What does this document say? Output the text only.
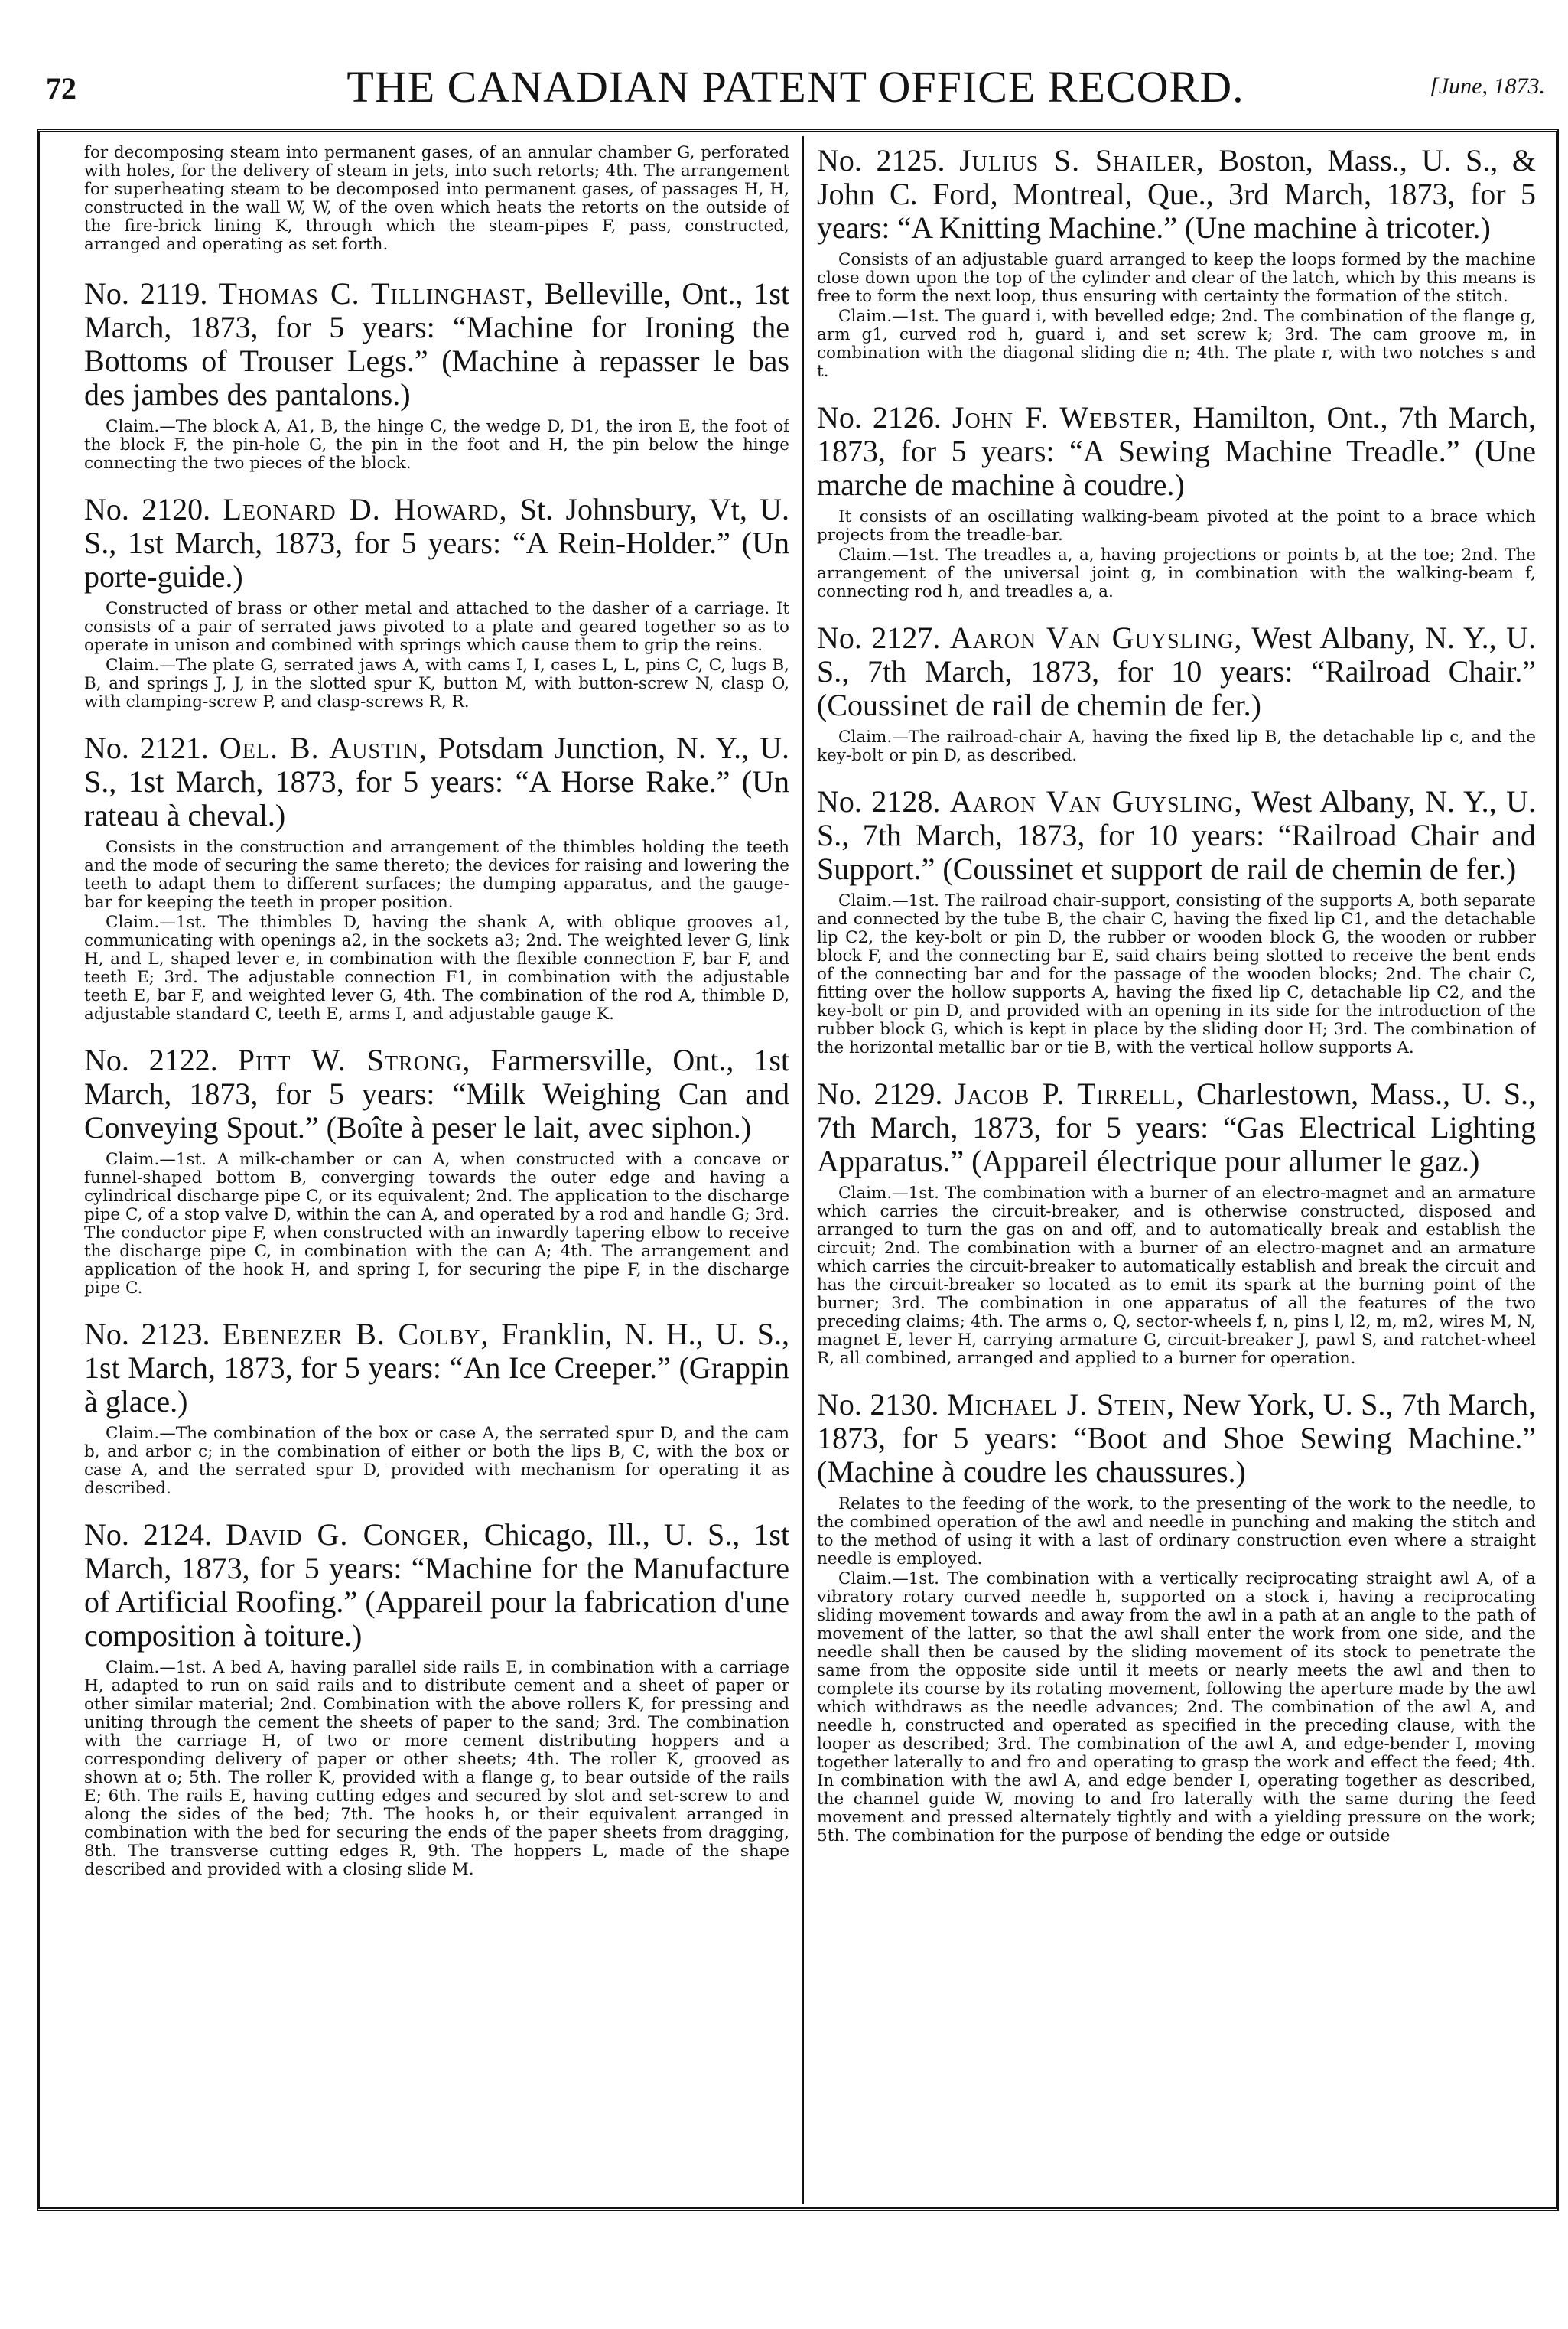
72	THE CANADIAN PATENT OFFICE RECORD.	[June, 1873.

for decomposing steam into permanent gases, of an annular chamber G, perforated with holes, for the delivery of steam in jets, into such retorts; 4th. The arrangement for superheating steam to be decomposed into permanent gases, of passages H, H, constructed in the wall W, W, of the oven which heats the retorts on the outside of the fire-brick lining K, through which the steam-pipes F, pass, constructed, arranged and operating as set forth.

No. 2119. Thomas C. Tillinghast, Belleville, Ont., 1st March, 1873, for 5 years: “Machine for Ironing the Bottoms of Trouser Legs.” (Machine à repasser le bas des jambes des pantalons.)

Claim.—The block A, A1, B, the hinge C, the wedge D, D1, the iron E, the foot of the block F, the pin-hole G, the pin in the foot and H, the pin below the hinge connecting the two pieces of the block.

No. 2120. Leonard D. Howard, St. Johnsbury, Vt, U. S., 1st March, 1873, for 5 years: “A Rein-Holder.” (Un porte-guide.)

Constructed of brass or other metal and attached to the dasher of a carriage. It consists of a pair of serrated jaws pivoted to a plate and geared together so as to operate in unison and combined with springs which cause them to grip the reins.

Claim.—The plate G, serrated jaws A, with cams I, I, cases L, L, pins C, C, lugs B, B, and springs J, J, in the slotted spur K, button M, with button-screw N, clasp O, with clamping-screw P, and clasp-screws R, R.

No. 2121. Oel. B. Austin, Potsdam Junction, N. Y., U. S., 1st March, 1873, for 5 years: “A Horse Rake.” (Un rateau à cheval.)

Consists in the construction and arrangement of the thimbles holding the teeth and the mode of securing the same thereto; the devices for raising and lowering the teeth to adapt them to different surfaces; the dumping apparatus, and the gauge-bar for keeping the teeth in proper position.

Claim.—1st. The thimbles D, having the shank A, with oblique grooves a1, communicating with openings a2, in the sockets a3; 2nd. The weighted lever G, link H, and L, shaped lever e, in combination with the flexible connection F, bar F, and teeth E; 3rd. The adjustable connection F1, in combination with the adjustable teeth E, bar F, and weighted lever G, 4th. The combination of the rod A, thimble D, adjustable standard C, teeth E, arms I, and adjustable gauge K.

No. 2122. Pitt W. Strong, Farmersville, Ont., 1st March, 1873, for 5 years: “Milk Weighing Can and Conveying Spout.” (Boîte à peser le lait, avec siphon.)

Claim.—1st. A milk-chamber or can A, when constructed with a concave or funnel-shaped bottom B, converging towards the outer edge and having a cylindrical discharge pipe C, or its equivalent; 2nd. The application to the discharge pipe C, of a stop valve D, within the can A, and operated by a rod and handle G; 3rd. The conductor pipe F, when constructed with an inwardly tapering elbow to receive the discharge pipe C, in combination with the can A; 4th. The arrangement and application of the hook H, and spring I, for securing the pipe F, in the discharge pipe C.

No. 2123. Ebenezer B. Colby, Franklin, N. H., U. S., 1st March, 1873, for 5 years: “An Ice Creeper.” (Grappin à glace.)

Claim.—The combination of the box or case A, the serrated spur D, and the cam b, and arbor c; in the combination of either or both the lips B, C, with the box or case A, and the serrated spur D, provided with mechanism for operating it as described.

No. 2124. David G. Conger, Chicago, Ill., U. S., 1st March, 1873, for 5 years: “Machine for the Manufacture of Artificial Roofing.” (Appareil pour la fabrication d'une composition à toiture.)

Claim.—1st. A bed A, having parallel side rails E, in combination with a carriage H, adapted to run on said rails and to distribute cement and a sheet of paper or other similar material; 2nd. Combination with the above rollers K, for pressing and uniting through the cement the sheets of paper to the sand; 3rd. The combination with the carriage H, of two or more cement distributing hoppers and a corresponding delivery of paper or other sheets; 4th. The roller K, grooved as shown at o; 5th. The roller K, provided with a flange g, to bear outside of the rails E; 6th. The rails E, having cutting edges and secured by slot and set-screw to and along the sides of the bed; 7th. The hooks h, or their equivalent arranged in combination with the bed for securing the ends of the paper sheets from dragging, 8th. The transverse cutting edges R, 9th. The hoppers L, made of the shape described and provided with a closing slide M.

No. 2125. Julius S. Shailer, Boston, Mass., U. S., & John C. Ford, Montreal, Que., 3rd March, 1873, for 5 years: “A Knitting Machine.” (Une machine à tricoter.)

Consists of an adjustable guard arranged to keep the loops formed by the machine close down upon the top of the cylinder and clear of the latch, which by this means is free to form the next loop, thus ensuring with certainty the formation of the stitch.

Claim.—1st. The guard i, with bevelled edge; 2nd. The combination of the flange g, arm g1, curved rod h, guard i, and set screw k; 3rd. The cam groove m, in combination with the diagonal sliding die n; 4th. The plate r, with two notches s and t.

No. 2126. John F. Webster, Hamilton, Ont., 7th March, 1873, for 5 years: “A Sewing Machine Treadle.” (Une marche de machine à coudre.)

It consists of an oscillating walking-beam pivoted at the point to a brace which projects from the treadle-bar.

Claim.—1st. The treadles a, a, having projections or points b, at the toe; 2nd. The arrangement of the universal joint g, in combination with the walking-beam f, connecting rod h, and treadles a, a.

No. 2127. Aaron Van Guysling, West Albany, N. Y., U. S., 7th March, 1873, for 10 years: “Railroad Chair.” (Coussinet de rail de chemin de fer.)

Claim.—The railroad-chair A, having the fixed lip B, the detachable lip c, and the key-bolt or pin D, as described.

No. 2128. Aaron Van Guysling, West Albany, N. Y., U. S., 7th March, 1873, for 10 years: “Railroad Chair and Support.” (Coussinet et support de rail de chemin de fer.)

Claim.—1st. The railroad chair-support, consisting of the supports A, both separate and connected by the tube B, the chair C, having the fixed lip C1, and the detachable lip C2, the key-bolt or pin D, the rubber or wooden block G, the wooden or rubber block F, and the connecting bar E, said chairs being slotted to receive the bent ends of the connecting bar and for the passage of the wooden blocks; 2nd. The chair C, fitting over the hollow supports A, having the fixed lip C, detachable lip C2, and the key-bolt or pin D, and provided with an opening in its side for the introduction of the rubber block G, which is kept in place by the sliding door H; 3rd. The combination of the horizontal metallic bar or tie B, with the vertical hollow supports A.

No. 2129. Jacob P. Tirrell, Charlestown, Mass., U. S., 7th March, 1873, for 5 years: “Gas Electrical Lighting Apparatus.” (Appareil électrique pour allumer le gaz.)

Claim.—1st. The combination with a burner of an electro-magnet and an armature which carries the circuit-breaker, and is otherwise constructed, disposed and arranged to turn the gas on and off, and to automatically break and establish the circuit; 2nd. The combination with a burner of an electro-magnet and an armature which carries the circuit-breaker to automatically establish and break the circuit and has the circuit-breaker so located as to emit its spark at the burning point of the burner; 3rd. The combination in one apparatus of all the features of the two preceding claims; 4th. The arms o, Q, sector-wheels f, n, pins l, l2, m, m2, wires M, N, magnet E, lever H, carrying armature G, circuit-breaker J, pawl S, and ratchet-wheel R, all combined, arranged and applied to a burner for operation.

No. 2130. Michael J. Stein, New York, U. S., 7th March, 1873, for 5 years: “Boot and Shoe Sewing Machine.” (Machine à coudre les chaussures.)

Relates to the feeding of the work, to the presenting of the work to the needle, to the combined operation of the awl and needle in punching and making the stitch and to the method of using it with a last of ordinary construction even where a straight needle is employed.

Claim.—1st. The combination with a vertically reciprocating straight awl A, of a vibratory rotary curved needle h, supported on a stock i, having a reciprocating sliding movement towards and away from the awl in a path at an angle to the path of movement of the latter, so that the awl shall enter the work from one side, and the needle shall then be caused by the sliding movement of its stock to penetrate the same from the opposite side until it meets or nearly meets the awl and then to complete its course by its rotating movement, following the aperture made by the awl which withdraws as the needle advances; 2nd. The combination of the awl A, and needle h, constructed and operated as specified in the preceding clause, with the looper as described; 3rd. The combination of the awl A, and edge-bender I, moving together laterally to and fro and operating to grasp the work and effect the feed; 4th. In combination with the awl A, and edge bender I, operating together as described, the channel guide W, moving to and fro laterally with the same during the feed movement and pressed alternately tightly and with a yielding pressure on the work; 5th. The combination for the purpose of bending the edge or outside
